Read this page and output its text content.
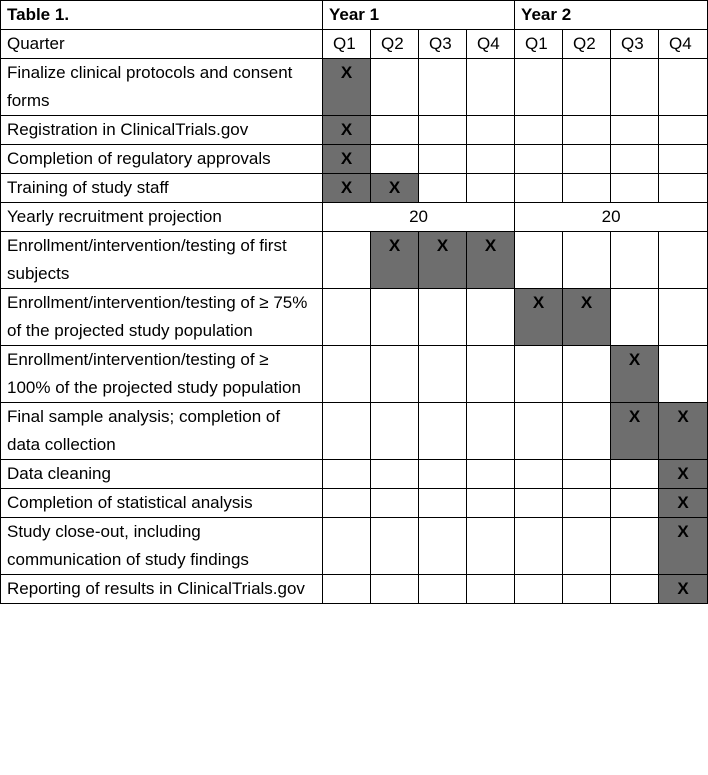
Table 1.	Year 1				Year 2			
Quarter	Q1	Q2	Q3	Q4	Q1	Q2	Q3	Q4
Finalize clinical protocols and consent forms	X							
Registration in ClinicalTrials.gov	X							
Completion of regulatory approvals	X							
Training of study staff	X	X						
Yearly recruitment projection	20				20			
Enrollment/intervention/testing of first subjects		X	X	X				
Enrollment/intervention/testing of ≥ 75% of the projected study population					X	X		
Enrollment/intervention/testing of ≥ 100% of the projected study population							X	
Final sample analysis; completion of data collection							X	X
Data cleaning								X
Completion of statistical analysis								X
Study close-out, including communication of study findings								X
Reporting of results in ClinicalTrials.gov								X
